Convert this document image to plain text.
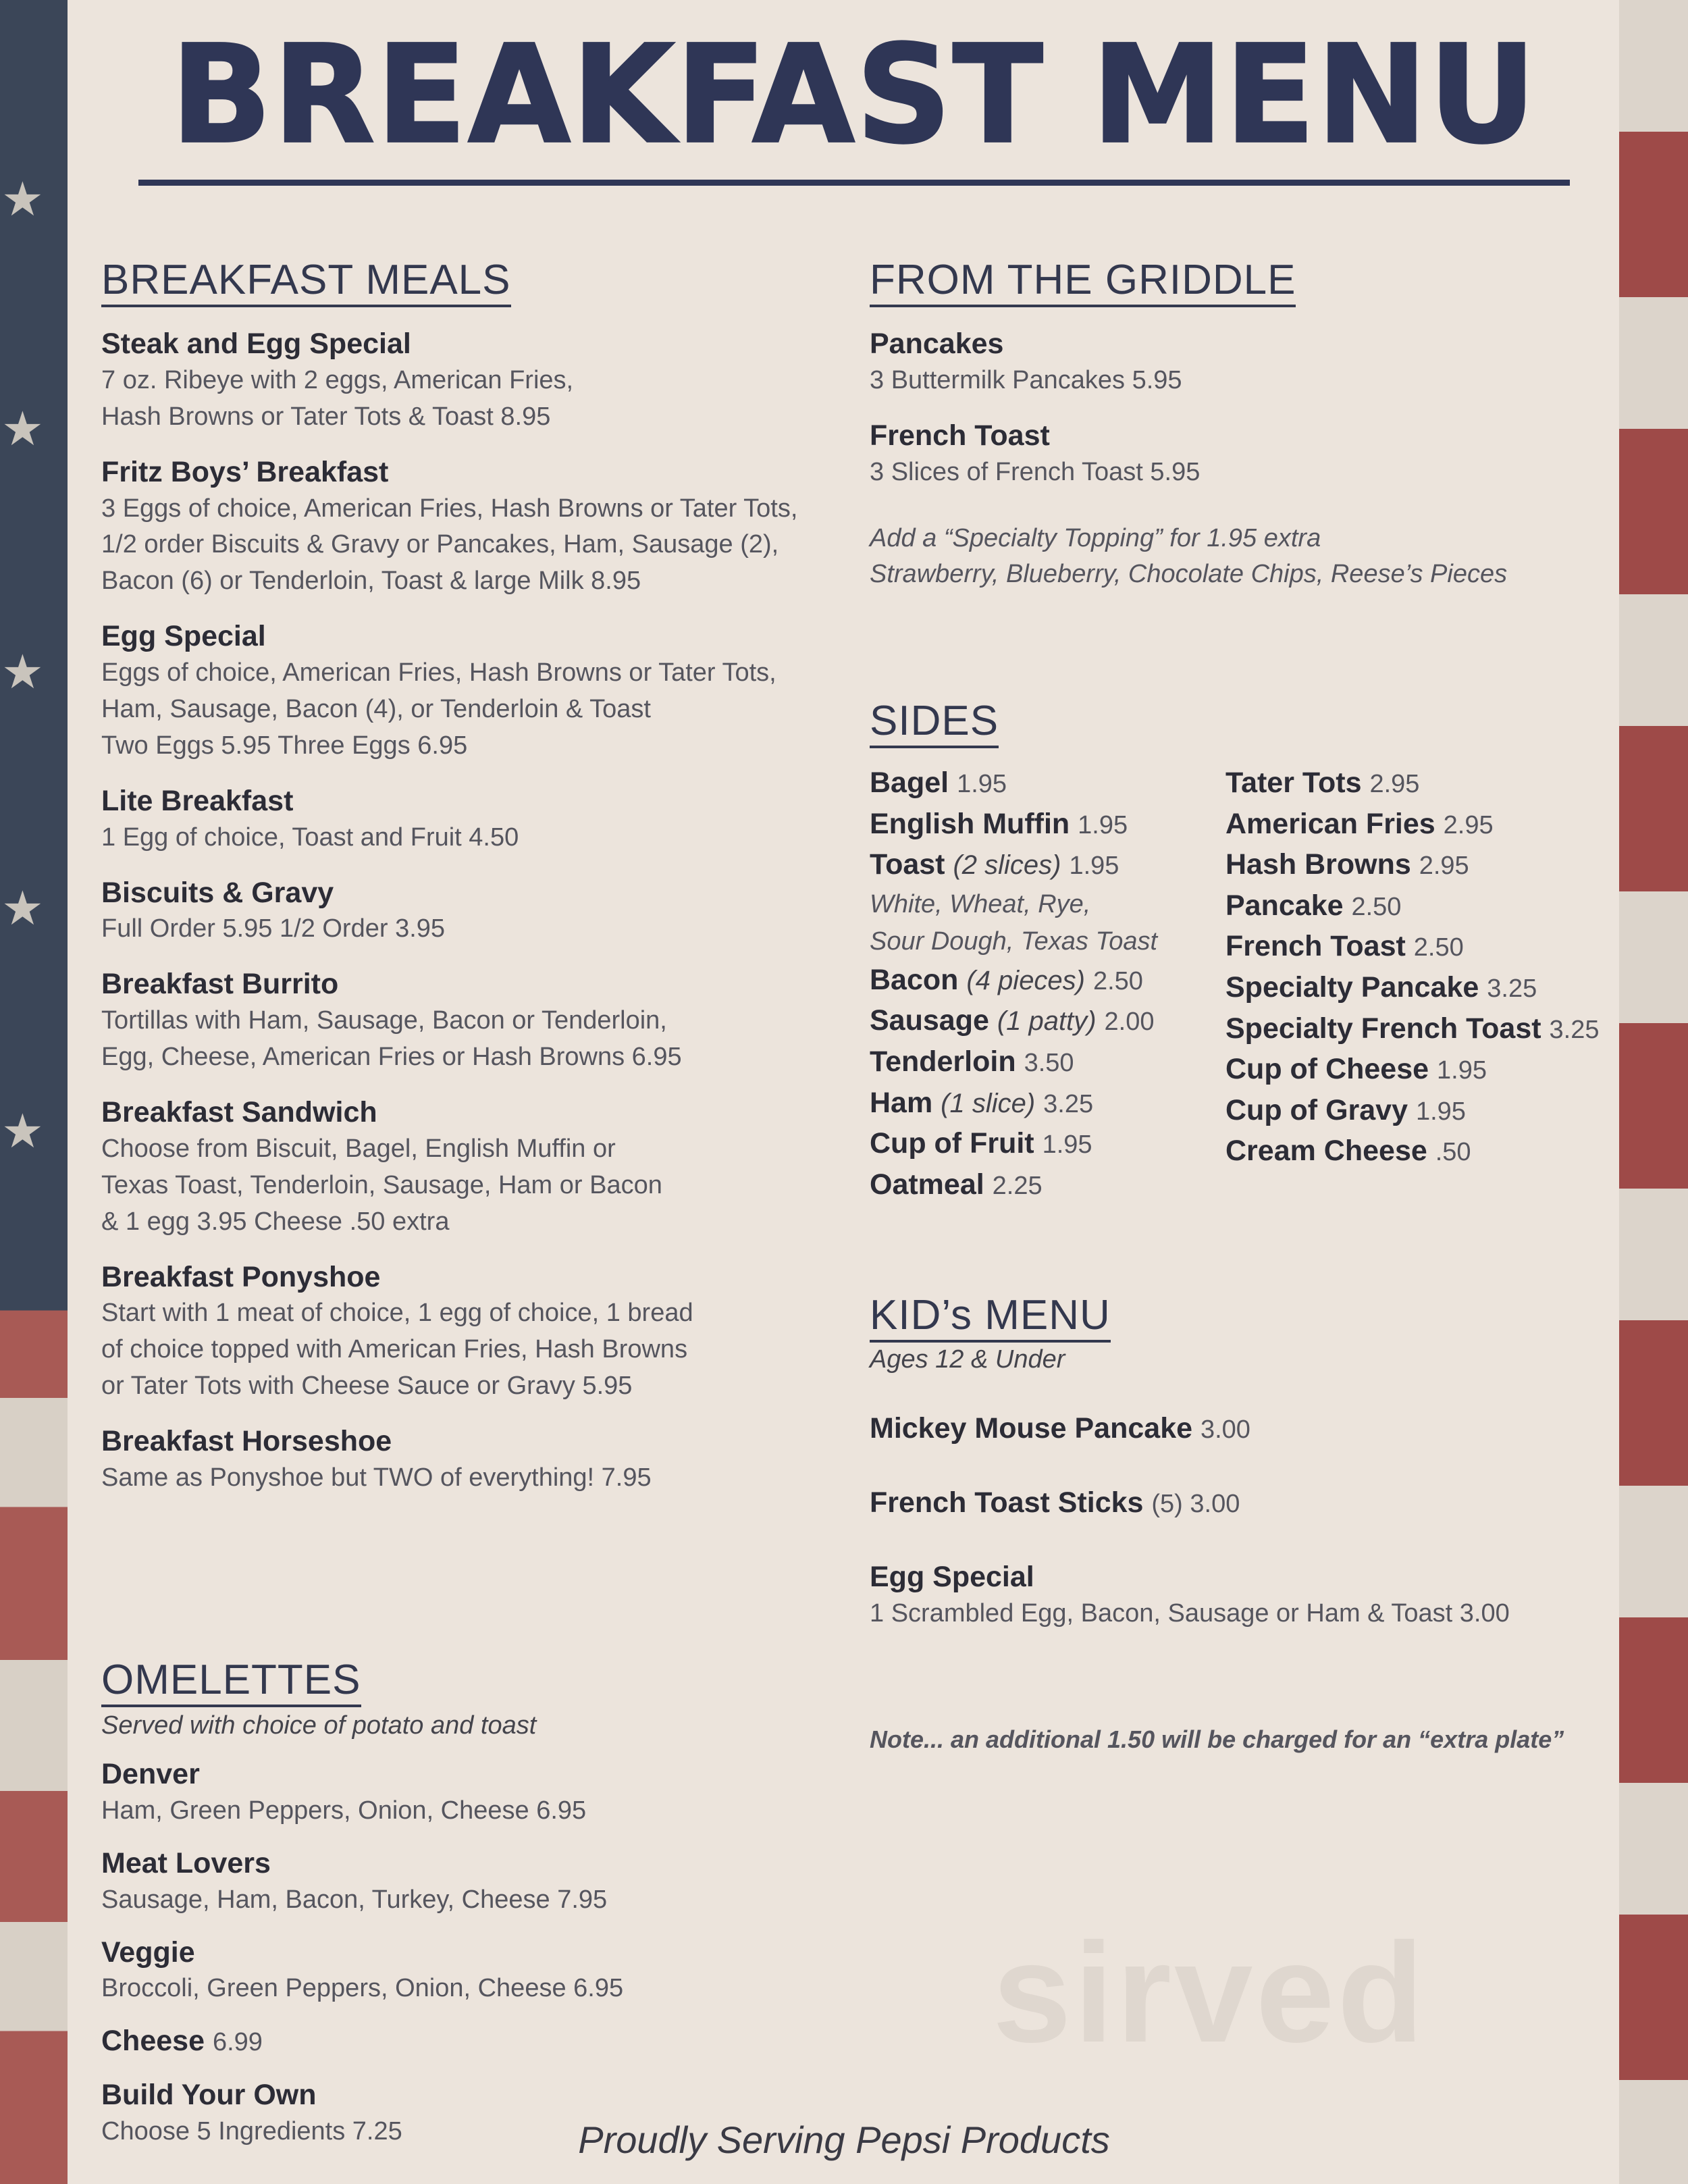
★
★
★
★
★
sirved
BREAKFAST MENU
BREAKFAST MEALS
Steak and Egg Special
7 oz. Ribeye with 2 eggs, American Fries,
Hash Browns or Tater Tots & Toast 8.95
Fritz Boys’ Breakfast
3 Eggs of choice, American Fries, Hash Browns or Tater Tots,
1/2 order Biscuits & Gravy or Pancakes, Ham, Sausage (2),
Bacon (6) or Tenderloin, Toast & large Milk 8.95
Egg Special
Eggs of choice, American Fries, Hash Browns or Tater Tots,
Ham, Sausage, Bacon (4), or Tenderloin & Toast
Two Eggs 5.95 Three Eggs 6.95
Lite Breakfast
1 Egg of choice, Toast and Fruit 4.50
Biscuits & Gravy
Full Order 5.95 1/2 Order 3.95
Breakfast Burrito
Tortillas with Ham, Sausage, Bacon or Tenderloin,
Egg, Cheese, American Fries or Hash Browns 6.95
Breakfast Sandwich
Choose from Biscuit, Bagel, English Muffin or
Texas Toast, Tenderloin, Sausage, Ham or Bacon
& 1 egg 3.95 Cheese .50 extra
Breakfast Ponyshoe
Start with 1 meat of choice, 1 egg of choice, 1 bread
of choice topped with American Fries, Hash Browns
or Tater Tots with Cheese Sauce or Gravy 5.95
Breakfast Horseshoe
Same as Ponyshoe but TWO of everything! 7.95
OMELETTES
Served with choice of potato and toast
Denver
Ham, Green Peppers, Onion, Cheese 6.95
Meat Lovers
Sausage, Ham, Bacon, Turkey, Cheese 7.95
Veggie
Broccoli, Green Peppers, Onion, Cheese 6.95
Cheese 6.99
Build Your Own
Choose 5 Ingredients 7.25
FROM THE GRIDDLE
Pancakes
3 Buttermilk Pancakes 5.95
French Toast
3 Slices of French Toast 5.95
Add a “Specialty Topping” for 1.95 extra
Strawberry, Blueberry, Chocolate Chips, Reese’s Pieces
SIDES
Bagel 1.95
English Muffin 1.95
Toast (2 slices) 1.95
White, Wheat, Rye,
Sour Dough, Texas Toast
Bacon (4 pieces) 2.50
Sausage (1 patty) 2.00
Tenderloin 3.50
Ham (1 slice) 3.25
Cup of Fruit 1.95
Oatmeal 2.25
Tater Tots 2.95
American Fries 2.95
Hash Browns 2.95
Pancake 2.50
French Toast 2.50
Specialty Pancake 3.25
Specialty French Toast 3.25
Cup of Cheese 1.95
Cup of Gravy 1.95
Cream Cheese .50
KID’s MENU
Ages 12 & Under
Mickey Mouse Pancake 3.00
French Toast Sticks (5) 3.00
Egg Special
1 Scrambled Egg, Bacon, Sausage or Ham & Toast 3.00
Note... an additional 1.50 will be charged for an “extra plate”
Proudly Serving Pepsi Products
